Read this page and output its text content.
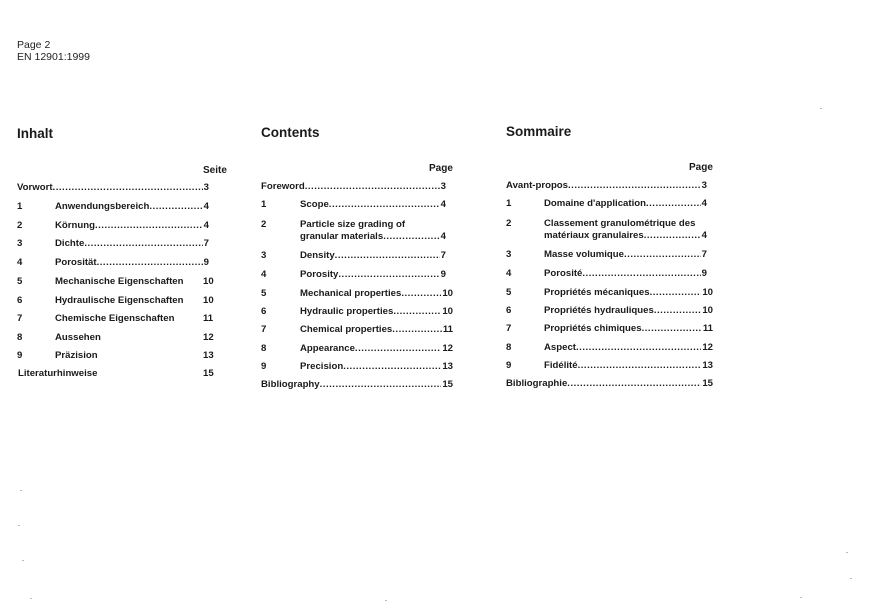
Page 2
EN 12901:1999
Inhalt
Seite
Vorwort .....	3
1	Anwendungsbereich .....	4
2	Körnung .....	4
3	Dichte .....	7
4	Porosität .....	9
5	Mechanische Eigenschaften 10
6	Hydraulische Eigenschaften 10
7	Chemische Eigenschaften	11
8	Aussehen	12
9	Präzision	13
Literaturhinweise	15
Contents
Page
Foreword .....	3
1	Scope .....	4
2	Particle size grading of
granular materials .....	4
3	Density .....	7
4	Porosity .....	9
5	Mechanical properties .....	10
6	Hydraulic properties .....	10
7	Chemical properties .....	11
8	Appearance .....	12
9	Precision .....	13
Bibliography .....	15
Sommaire
Page
Avant-propos .....	3
1	Domaine d'application .....	4
2	Classement granulométrique des
matériaux granulaires .....	4
3	Masse volumique .....	7
4	Porosité .....	9
5	Propriétés mécaniques .....	10
6	Propriétés hydrauliques .....	10
7	Propriétés chimiques .....	11
8	Aspect .....	12
9	Fidélité .....	13
Bibliographie .....	15
